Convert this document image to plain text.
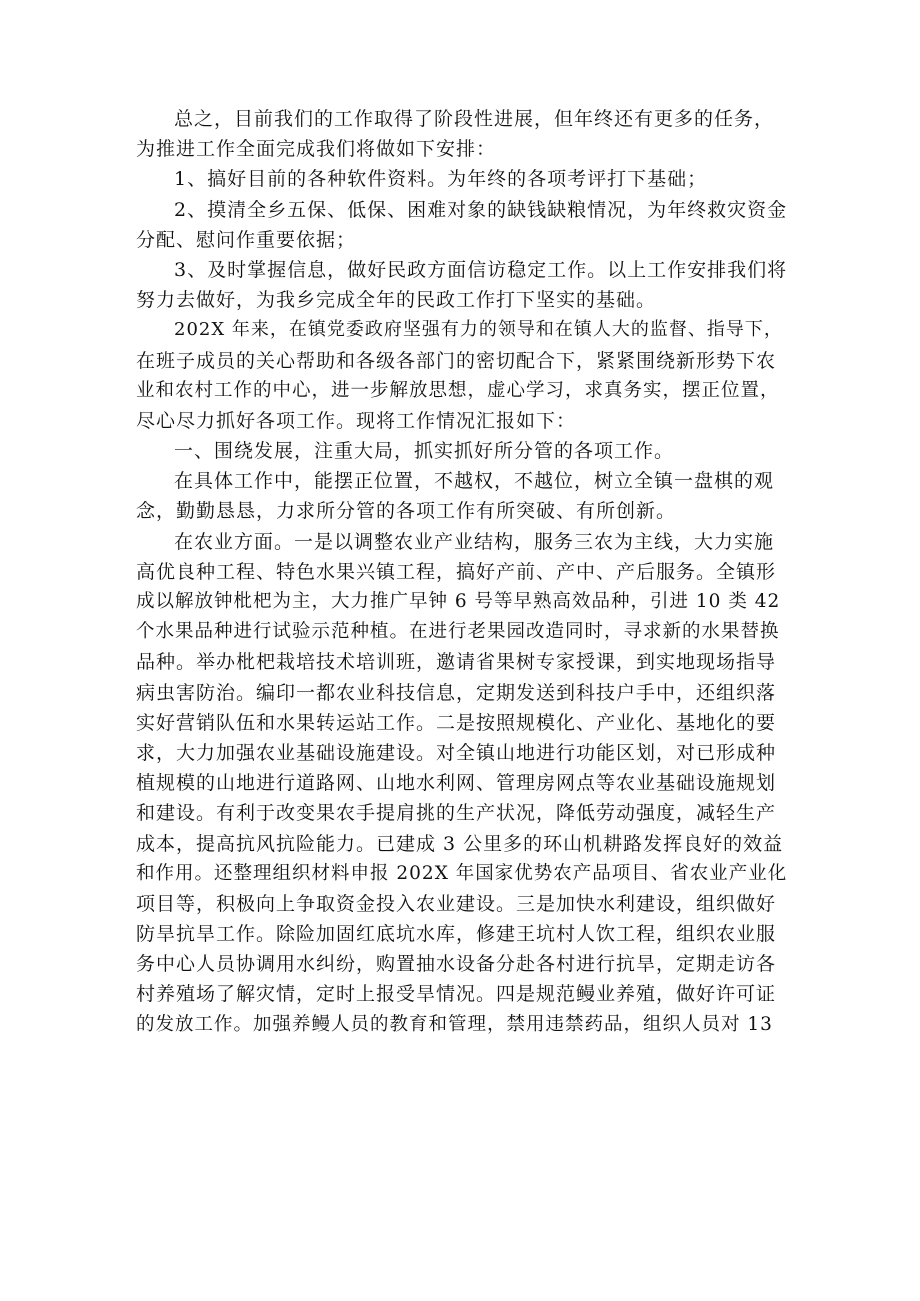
总之，目前我们的工作取得了阶段性进展，但年终还有更多的任务，
为推进工作全面完成我们将做如下安排：
1、搞好目前的各种软件资料。为年终的各项考评打下基础；
2、摸清全乡五保、低保、困难对象的缺钱缺粮情况，为年终救灾资金
分配、慰问作重要依据；
3、及时掌握信息，做好民政方面信访稳定工作。以上工作安排我们将
努力去做好，为我乡完成全年的民政工作打下坚实的基础。
202X 年来，在镇党委政府坚强有力的领导和在镇人大的监督、指导下，
在班子成员的关心帮助和各级各部门的密切配合下，紧紧围绕新形势下农
业和农村工作的中心，进一步解放思想，虚心学习，求真务实，摆正位置，
尽心尽力抓好各项工作。现将工作情况汇报如下：
一、围绕发展，注重大局，抓实抓好所分管的各项工作。
在具体工作中，能摆正位置，不越权，不越位，树立全镇一盘棋的观
念，勤勤恳恳，力求所分管的各项工作有所突破、有所创新。
在农业方面。一是以调整农业产业结构，服务三农为主线，大力实施
高优良种工程、特色水果兴镇工程，搞好产前、产中、产后服务。全镇形
成以解放钟枇杷为主，大力推广早钟 6 号等早熟高效品种，引进 10 类 42
个水果品种进行试验示范种植。在进行老果园改造同时，寻求新的水果替换
品种。举办枇杷栽培技术培训班，邀请省果树专家授课，到实地现场指导
病虫害防治。编印一都农业科技信息，定期发送到科技户手中，还组织落
实好营销队伍和水果转运站工作。二是按照规模化、产业化、基地化的要
求，大力加强农业基础设施建设。对全镇山地进行功能区划，对已形成种
植规模的山地进行道路网、山地水利网、管理房网点等农业基础设施规划
和建设。有利于改变果农手提肩挑的生产状况，降低劳动强度，减轻生产
成本，提高抗风抗险能力。已建成 3 公里多的环山机耕路发挥良好的效益
和作用。还整理组织材料申报 202X 年国家优势农产品项目、省农业产业化
项目等，积极向上争取资金投入农业建设。三是加快水利建设，组织做好
防旱抗旱工作。除险加固红底坑水库，修建王坑村人饮工程，组织农业服
务中心人员协调用水纠纷，购置抽水设备分赴各村进行抗旱，定期走访各
村养殖场了解灾情，定时上报受旱情况。四是规范鳗业养殖，做好许可证
的发放工作。加强养鳗人员的教育和管理，禁用违禁药品，组织人员对 13
